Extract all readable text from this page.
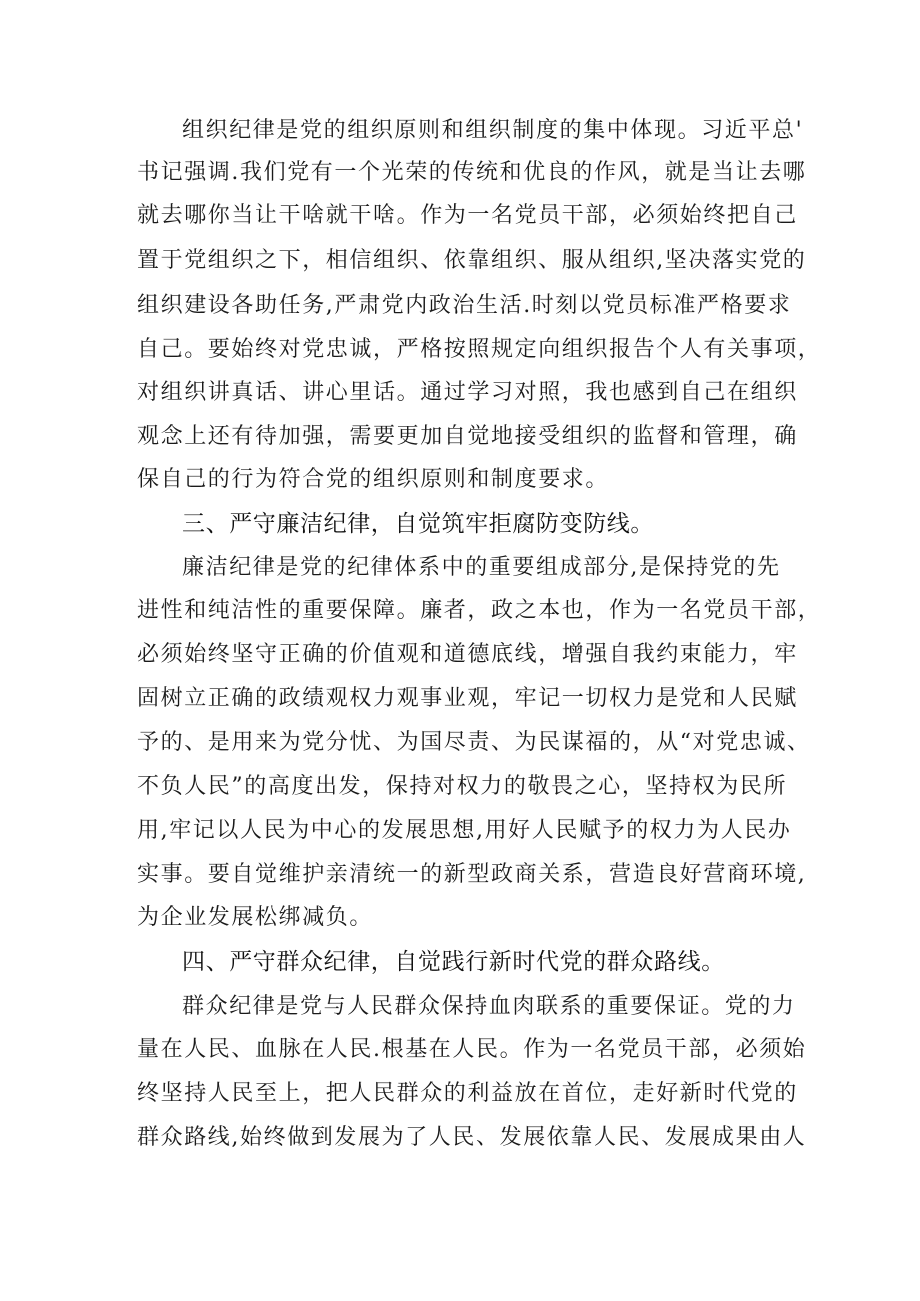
组织纪律是党的组织原则和组织制度的集中体现。习近平总'
书记强调.我们党有一个光荣的传统和优良的作风，就是当让去哪
就去哪你当让干啥就干啥。作为一名党员干部，必须始终把自己
置于党组织之下，相信组织、依靠组织、服从组织,坚决落实党的
组织建设各助任务,严肃党内政治生活.时刻以党员标准严格要求
自己。要始终对党忠诚，严格按照规定向组织报告个人有关事项，
对组织讲真话、讲心里话。通过学习对照，我也感到自己在组织
观念上还有待加强，需要更加自觉地接受组织的监督和管理，确
保自己的行为符合党的组织原则和制度要求。
三、严守廉洁纪律，自觉筑牢拒腐防变防线。
廉洁纪律是党的纪律体系中的重要组成部分,是保持党的先
进性和纯洁性的重要保障。廉者，政之本也，作为一名党员干部，
必须始终坚守正确的价值观和道德底线，增强自我约束能力，牢
固树立正确的政绩观权力观事业观，牢记一切权力是党和人民赋
予的、是用来为党分忧、为国尽责、为民谋福的，从“对党忠诚、
不负人民”的高度出发，保持对权力的敬畏之心，坚持权为民所
用,牢记以人民为中心的发展思想,用好人民赋予的权力为人民办
实事。要自觉维护亲清统一的新型政商关系，营造良好营商环境,
为企业发展松绑减负。
四、严守群众纪律，自觉践行新时代党的群众路线。
群众纪律是党与人民群众保持血肉联系的重要保证。党的力
量在人民、血脉在人民.根基在人民。作为一名党员干部，必须始
终坚持人民至上，把人民群众的利益放在首位，走好新时代党的
群众路线,始终做到发展为了人民、发展依靠人民、发展成果由人
